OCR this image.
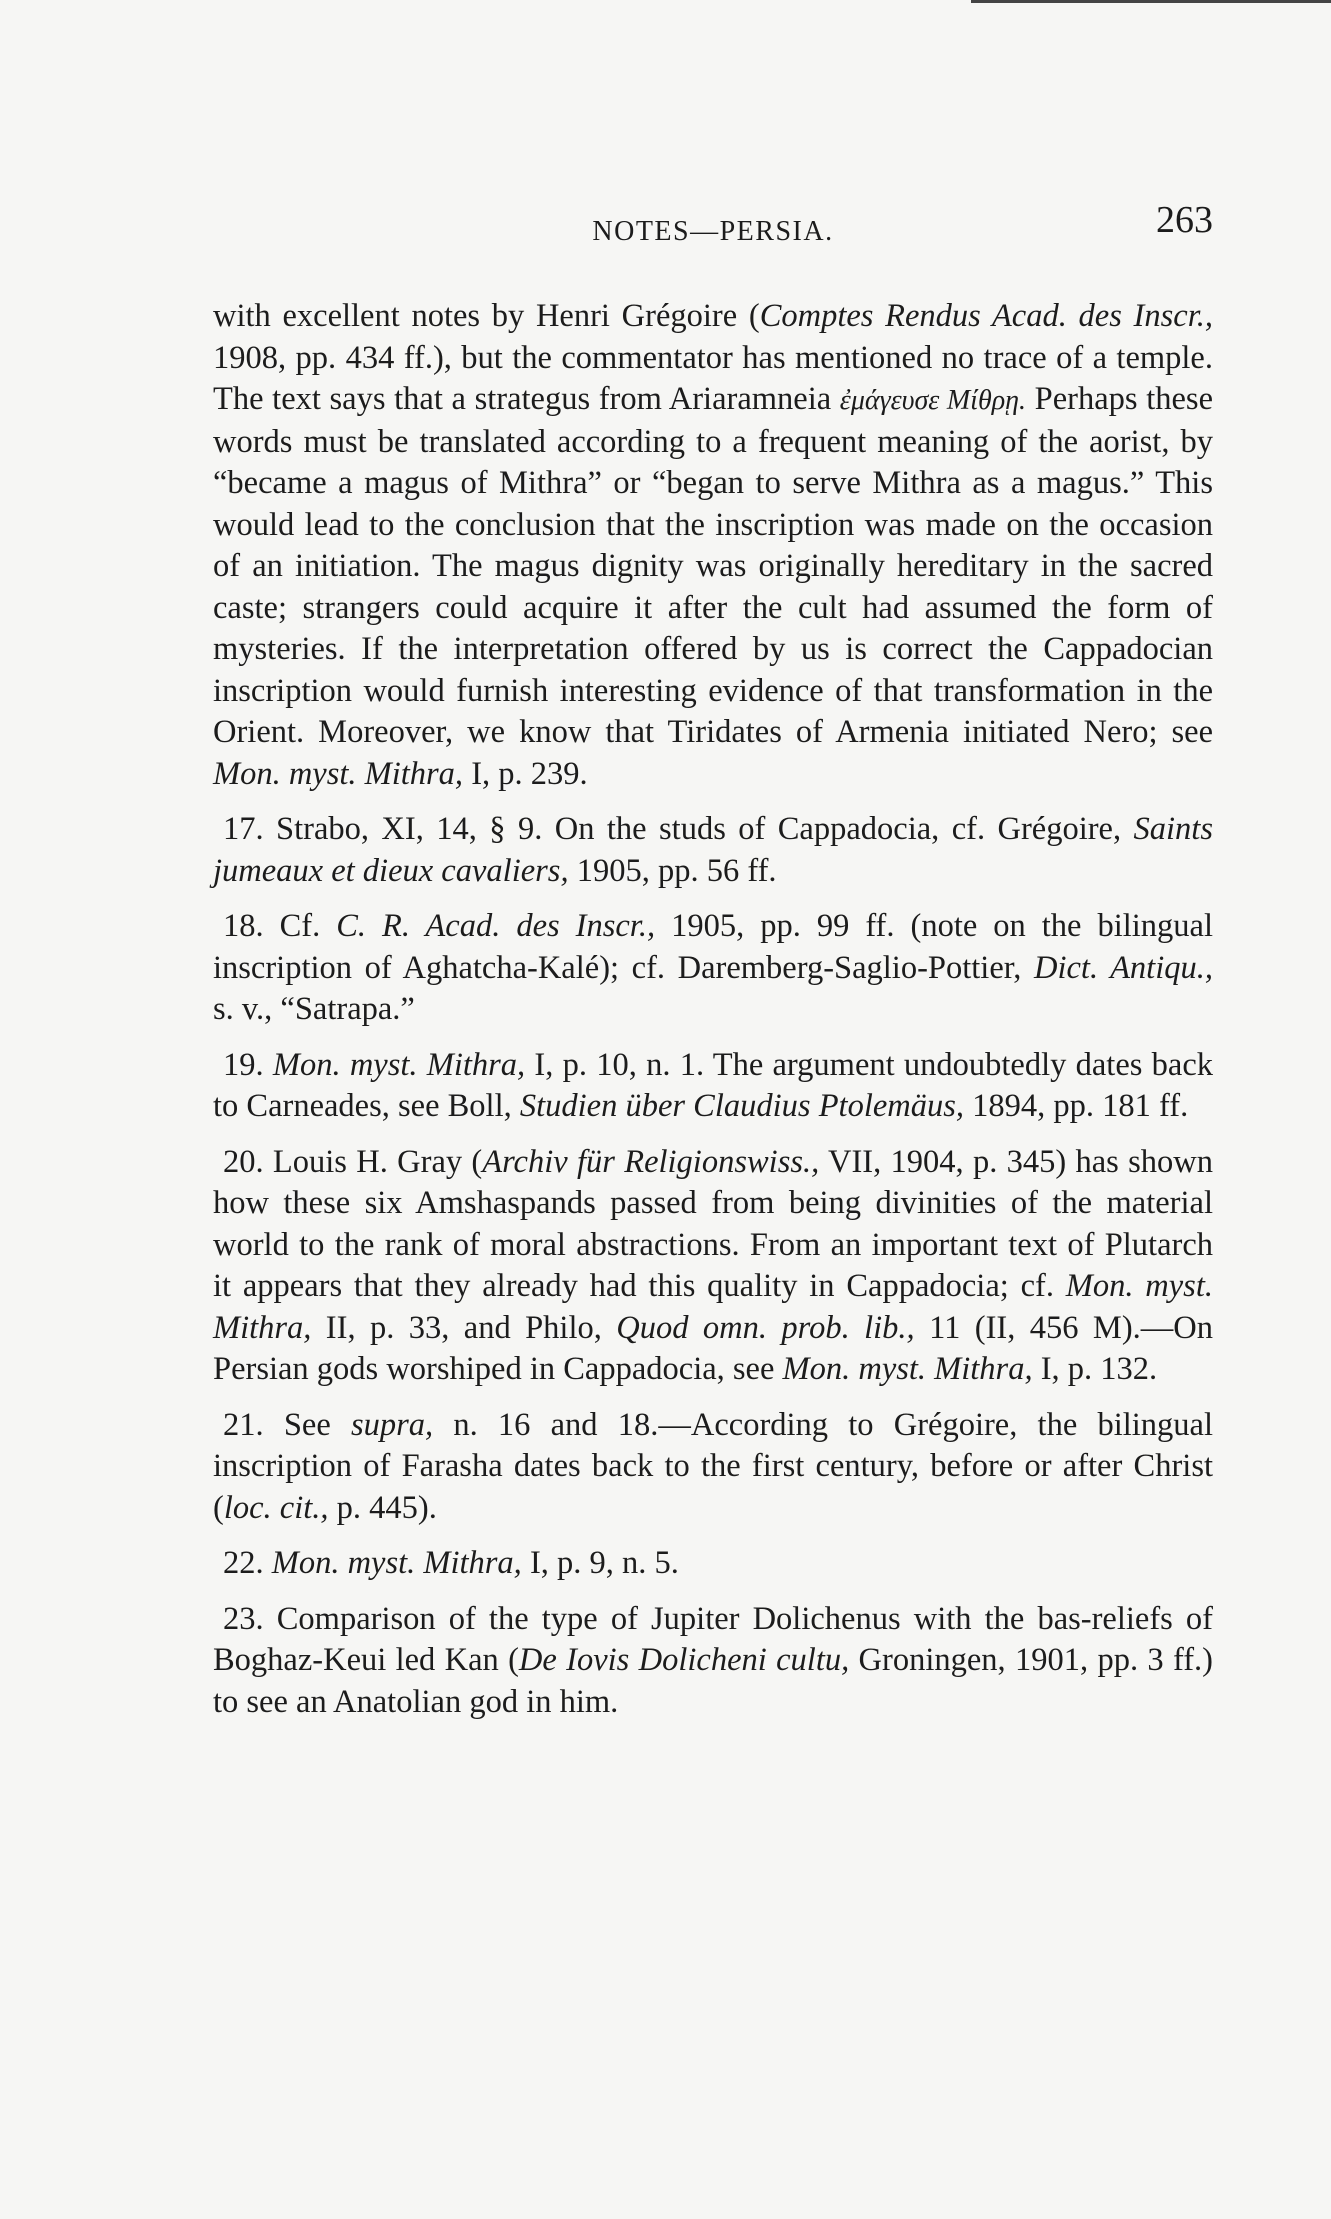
NOTES—PERSIA.	263

with excellent notes by Henri Grégoire (Comptes Rendus Acad. des Inscr., 1908, pp. 434 ff.), but the commentator has mentioned no trace of a temple. The text says that a strategus from Ariaramneia ἐμάγευσε Μίθρῃ. Perhaps these words must be translated according to a frequent meaning of the aorist, by “became a magus of Mithra” or “began to serve Mithra as a magus.” This would lead to the conclusion that the inscription was made on the occasion of an initiation. The magus dignity was originally hereditary in the sacred caste; strangers could acquire it after the cult had assumed the form of mysteries. If the interpretation offered by us is correct the Cappadocian inscription would furnish interesting evidence of that transformation in the Orient. Moreover, we know that Tiridates of Armenia initiated Nero; see Mon. myst. Mithra, I, p. 239.

17. Strabo, XI, 14, § 9. On the studs of Cappadocia, cf. Grégoire, Saints jumeaux et dieux cavaliers, 1905, pp. 56 ff.

18. Cf. C. R. Acad. des Inscr., 1905, pp. 99 ff. (note on the bilingual inscription of Aghatcha-Kalé); cf. Daremberg-Saglio-Pottier, Dict. Antiqu., s. v., “Satrapa.”

19. Mon. myst. Mithra, I, p. 10, n. 1. The argument undoubtedly dates back to Carneades, see Boll, Studien über Claudius Ptolemäus, 1894, pp. 181 ff.

20. Louis H. Gray (Archiv für Religionswiss., VII, 1904, p. 345) has shown how these six Amshaspands passed from being divinities of the material world to the rank of moral abstractions. From an important text of Plutarch it appears that they already had this quality in Cappadocia; cf. Mon. myst. Mithra, II, p. 33, and Philo, Quod omn. prob. lib., 11 (II, 456 M).—On Persian gods worshiped in Cappadocia, see Mon. myst. Mithra, I, p. 132.

21. See supra, n. 16 and 18.—According to Grégoire, the bilingual inscription of Farasha dates back to the first century, before or after Christ (loc. cit., p. 445).

22. Mon. myst. Mithra, I, p. 9, n. 5.

23. Comparison of the type of Jupiter Dolichenus with the bas-reliefs of Boghaz-Keui led Kan (De Iovis Dolicheni cultu, Groningen, 1901, pp. 3 ff.) to see an Anatolian god in him.
